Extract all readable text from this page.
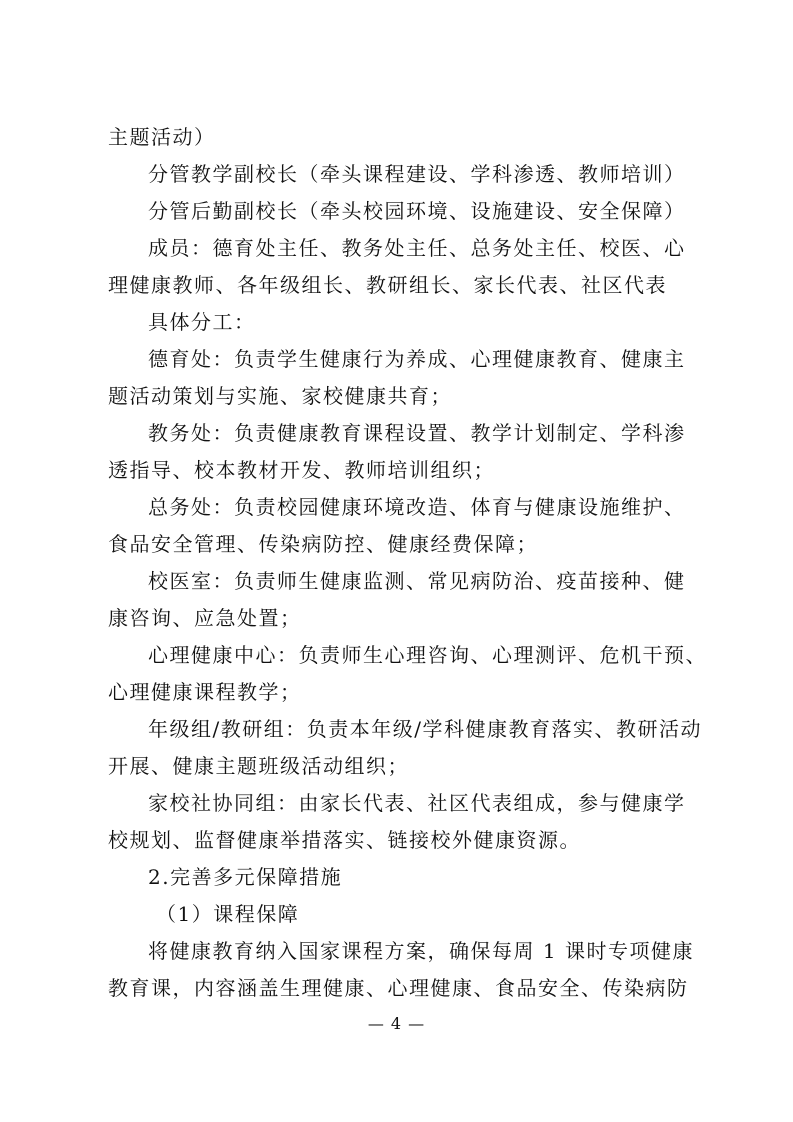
主题活动）
分管教学副校长（牵头课程建设、学科渗透、教师培训）
分管后勤副校长（牵头校园环境、设施建设、安全保障）
成员：德育处主任、教务处主任、总务处主任、校医、心
理健康教师、各年级组长、教研组长、家长代表、社区代表
具体分工：
德育处：负责学生健康行为养成、心理健康教育、健康主
题活动策划与实施、家校健康共育；
教务处：负责健康教育课程设置、教学计划制定、学科渗
透指导、校本教材开发、教师培训组织；
总务处：负责校园健康环境改造、体育与健康设施维护、
食品安全管理、传染病防控、健康经费保障；
校医室：负责师生健康监测、常见病防治、疫苗接种、健
康咨询、应急处置；
心理健康中心：负责师生心理咨询、心理测评、危机干预、
心理健康课程教学；
年级组/教研组：负责本年级/学科健康教育落实、教研活动
开展、健康主题班级活动组织；
家校社协同组：由家长代表、社区代表组成，参与健康学
校规划、监督健康举措落实、链接校外健康资源。
2.完善多元保障措施
（1）课程保障
将健康教育纳入国家课程方案，确保每周 1 课时专项健康
教育课，内容涵盖生理健康、心理健康、食品安全、传染病防
— 4 —
